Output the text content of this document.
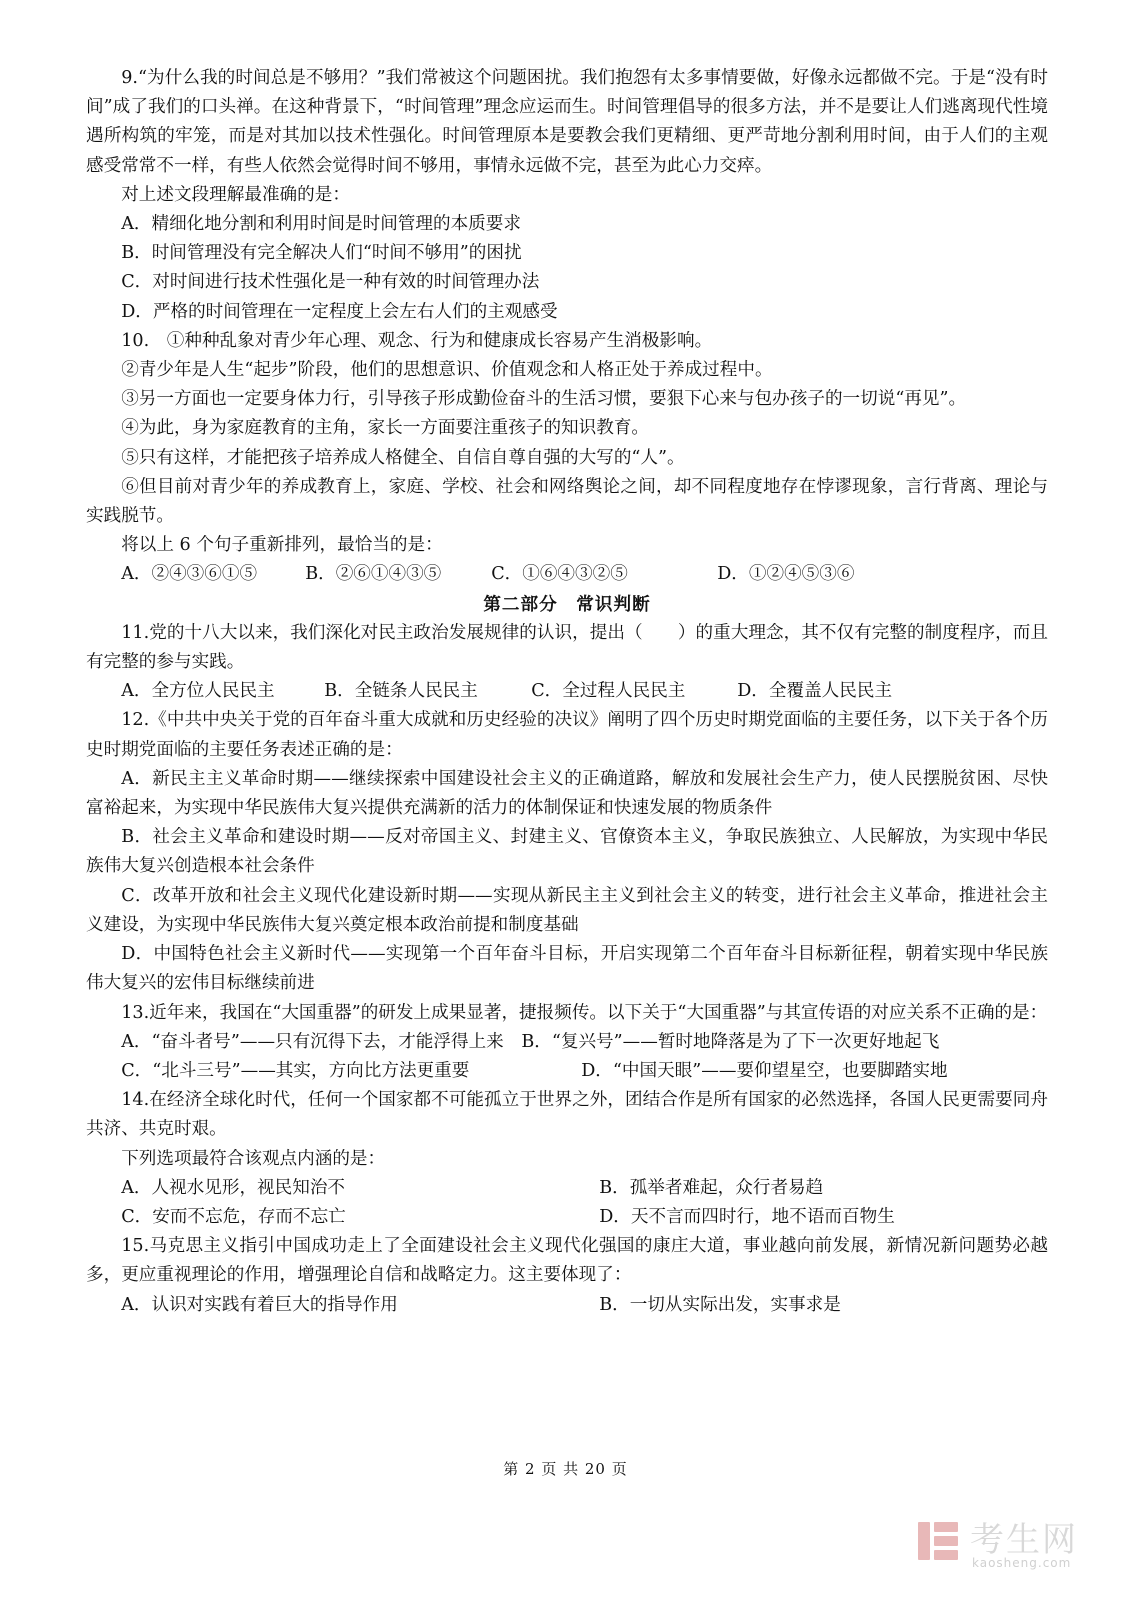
9.“为什么我的时间总是不够用？”我们常被这个问题困扰。我们抱怨有太多事情要做，好像永远都做不完。于是“没有时间”成了我们的口头禅。在这种背景下，“时间管理”理念应运而生。时间管理倡导的很多方法，并不是要让人们逃离现代性境遇所构筑的牢笼，而是对其加以技术性强化。时间管理原本是要教会我们更精细、更严苛地分割利用时间，由于人们的主观感受常常不一样，有些人依然会觉得时间不够用，事情永远做不完，甚至为此心力交瘁。

对上述文段理解最准确的是：

A．精细化地分割和利用时间是时间管理的本质要求

B．时间管理没有完全解决人们“时间不够用”的困扰

C．对时间进行技术性强化是一种有效的时间管理办法

D．严格的时间管理在一定程度上会左右人们的主观感受

10.　①种种乱象对青少年心理、观念、行为和健康成长容易产生消极影响。

②青少年是人生“起步”阶段，他们的思想意识、价值观念和人格正处于养成过程中。

③另一方面也一定要身体力行，引导孩子形成勤俭奋斗的生活习惯，要狠下心来与包办孩子的一切说“再见”。

④为此，身为家庭教育的主角，家长一方面要注重孩子的知识教育。

⑤只有这样，才能把孩子培养成人格健全、自信自尊自强的大写的“人”。

⑥但目前对青少年的养成教育上，家庭、学校、社会和网络舆论之间，却不同程度地存在悖谬现象，言行背离、理论与实践脱节。

将以上 6 个句子重新排列，最恰当的是：

A．②④③⑥①⑤	B．②⑥①④③⑤	C．①⑥④③②⑤	D．①②④⑤③⑥

第二部分　常识判断

11.党的十八大以来，我们深化对民主政治发展规律的认识，提出（　　）的重大理念，其不仅有完整的制度程序，而且有完整的参与实践。

A．全方位人民民主	B．全链条人民民主	C．全过程人民民主	D．全覆盖人民民主

12.《中共中央关于党的百年奋斗重大成就和历史经验的决议》阐明了四个历史时期党面临的主要任务，以下关于各个历史时期党面临的主要任务表述正确的是：

A．新民主主义革命时期——继续探索中国建设社会主义的正确道路，解放和发展社会生产力，使人民摆脱贫困、尽快富裕起来，为实现中华民族伟大复兴提供充满新的活力的体制保证和快速发展的物质条件

B．社会主义革命和建设时期——反对帝国主义、封建主义、官僚资本主义，争取民族独立、人民解放，为实现中华民族伟大复兴创造根本社会条件

C．改革开放和社会主义现代化建设新时期——实现从新民主主义到社会主义的转变，进行社会主义革命，推进社会主义建设，为实现中华民族伟大复兴奠定根本政治前提和制度基础

D．中国特色社会主义新时代——实现第一个百年奋斗目标，开启实现第二个百年奋斗目标新征程，朝着实现中华民族伟大复兴的宏伟目标继续前进

13.近年来，我国在“大国重器”的研发上成果显著，捷报频传。以下关于“大国重器”与其宣传语的对应关系不正确的是：

A．“奋斗者号”——只有沉得下去，才能浮得上来　B．“复兴号”——暂时地降落是为了下一次更好地起飞

C．“北斗三号”——其实，方向比方法更重要	D．“中国天眼”——要仰望星空，也要脚踏实地

14.在经济全球化时代，任何一个国家都不可能孤立于世界之外，团结合作是所有国家的必然选择，各国人民更需要同舟共济、共克时艰。

下列选项最符合该观点内涵的是：

A．人视水见形，视民知治不	B．孤举者难起，众行者易趋
C．安而不忘危，存而不忘亡	D．天不言而四时行，地不语而百物生

15.马克思主义指引中国成功走上了全面建设社会主义现代化强国的康庄大道，事业越向前发展，新情况新问题势必越多，更应重视理论的作用，增强理论自信和战略定力。这主要体现了：

A．认识对实践有着巨大的指导作用	B．一切从实际出发，实事求是
第 2 页 共 20 页
考生网
kaosheng.com
